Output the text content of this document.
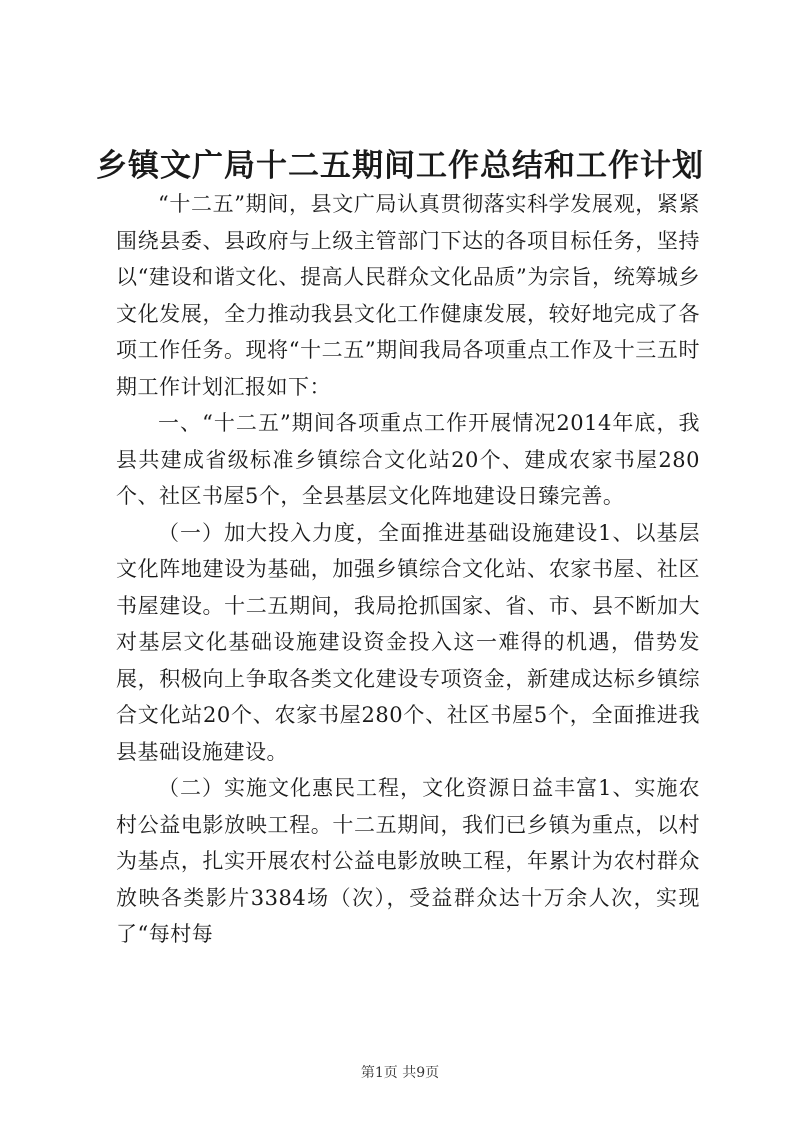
乡镇文广局十二五期间工作总结和工作计划

“十二五”期间，县文广局认真贯彻落实科学发展观，紧紧围绕县委、县政府与上级主管部门下达的各项目标任务，坚持以“建设和谐文化、提高人民群众文化品质”为宗旨，统筹城乡文化发展，全力推动我县文化工作健康发展，较好地完成了各项工作任务。现将“十二五”期间我局各项重点工作及十三五时期工作计划汇报如下：

一、“十二五”期间各项重点工作开展情况2014年底，我县共建成省级标准乡镇综合文化站20个、建成农家书屋280个、社区书屋5个，全县基层文化阵地建设日臻完善。

（一）加大投入力度，全面推进基础设施建设1、以基层文化阵地建设为基础，加强乡镇综合文化站、农家书屋、社区书屋建设。十二五期间，我局抢抓国家、省、市、县不断加大对基层文化基础设施建设资金投入这一难得的机遇，借势发展，积极向上争取各类文化建设专项资金，新建成达标乡镇综合文化站20个、农家书屋280个、社区书屋5个，全面推进我县基础设施建设。

（二）实施文化惠民工程，文化资源日益丰富1、实施农村公益电影放映工程。十二五期间，我们已乡镇为重点，以村为基点，扎实开展农村公益电影放映工程，年累计为农村群众放映各类影片3384场（次），受益群众达十万余人次，实现了“每村每

第1页 共9页
